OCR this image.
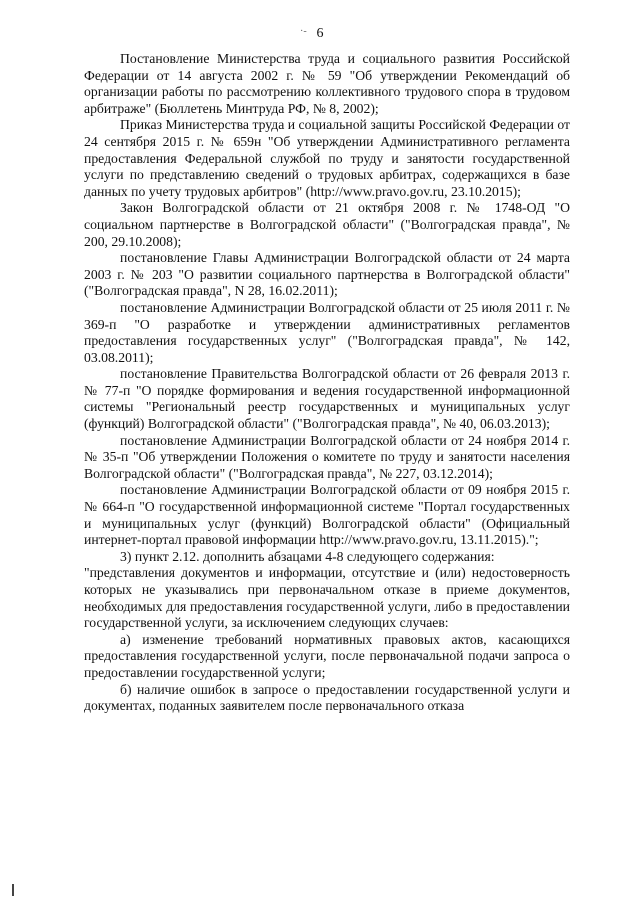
·- 6

Постановление Министерства труда и социального развития Российской Федерации от 14 августа 2002 г. № 59 "Об утверждении Рекомендаций об организации работы по рассмотрению коллективного трудового спора в трудовом арбитраже" (Бюллетень Минтруда РФ, № 8, 2002);

Приказ Министерства труда и социальной защиты Российской Федерации от 24 сентября 2015 г. № 659н "Об утверждении Административного регламента предоставления Федеральной службой по труду и занятости государственной услуги по представлению сведений о трудовых арбитрах, содержащихся в базе данных по учету трудовых арбитров" (http://www.pravo.gov.ru, 23.10.2015);

Закон Волгоградской области от 21 октября 2008 г. № 1748-ОД "О социальном партнерстве в Волгоградской области" ("Волгоградская правда", № 200, 29.10.2008);

постановление Главы Администрации Волгоградской области от 24 марта 2003 г. № 203 "О развитии социального партнерства в Волгоградской области" ("Волгоградская правда", N 28, 16.02.2011);

постановление Администрации Волгоградской области от 25 июля 2011 г. № 369-п "О разработке и утверждении административных регламентов предоставления государственных услуг" ("Волгоградская правда", № 142, 03.08.2011);

постановление Правительства Волгоградской области от 26 февраля 2013 г. № 77-п "О порядке формирования и ведения государственной информационной системы "Региональный реестр государственных и муниципальных услуг (функций) Волгоградской области" ("Волгоградская правда", № 40, 06.03.2013);

постановление Администрации Волгоградской области от 24 ноября 2014 г. № 35-п "Об утверждении Положения о комитете по труду и занятости населения Волгоградской области" ("Волгоградская правда", № 227, 03.12.2014);

постановление Администрации Волгоградской области от 09 ноября 2015 г. № 664-п "О государственной информационной системе "Портал государственных и муниципальных услуг (функций) Волгоградской области" (Официальный интернет-портал правовой информации http://www.pravo.gov.ru, 13.11.2015).";

3) пункт 2.12. дополнить абзацами 4-8 следующего содержания:

"представления документов и информации, отсутствие и (или) недостоверность которых не указывались при первоначальном отказе в приеме документов, необходимых для предоставления государственной услуги, либо в предоставлении государственной услуги, за исключением следующих случаев:

а) изменение требований нормативных правовых актов, касающихся предоставления государственной услуги, после первоначальной подачи запроса о предоставлении государственной услуги;

б) наличие ошибок в запросе о предоставлении государственной услуги и документах, поданных заявителем после первоначального отказа
